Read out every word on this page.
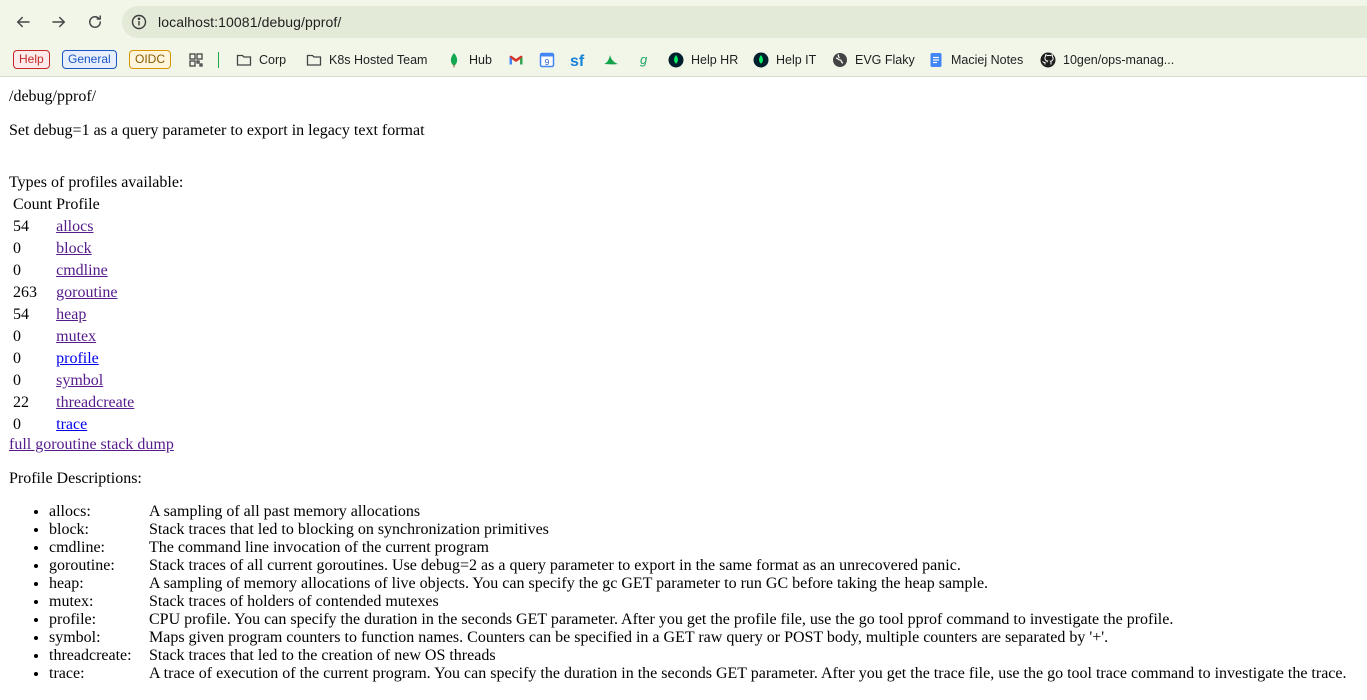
localhost:10081/debug/pprof/
Help	General	OIDC	Corp	K8s Hosted Team	Hub	9 sf	g	Help HR	Help IT	EVG Flaky	Maciej Notes	10gen/ops-manag...
/debug/pprof/
Set debug=1 as a query parameter to export in legacy text format
Types of profiles available:
Count	Profile
54	allocs
0	block
0	cmdline
263	goroutine
54	heap
0	mutex
0	profile
0	symbol
22	threadcreate
0	trace
full goroutine stack dump
Profile Descriptions:
• allocs:	A sampling of all past memory allocations
• block:	Stack traces that led to blocking on synchronization primitives
• cmdline:	The command line invocation of the current program
• goroutine: Stack traces of all current goroutines. Use debug=2 as a query parameter to export in the same format as an unrecovered panic.
• heap:	A sampling of memory allocations of live objects. You can specify the gc GET parameter to run GC before taking the heap sample.
• mutex:	Stack traces of holders of contended mutexes
• profile:	CPU profile. You can specify the duration in the seconds GET parameter. After you get the profile file, use the go tool pprof command to investigate the profile.
• symbol:	Maps given program counters to function names. Counters can be specified in a GET raw query or POST body, multiple counters are separated by '+'.
• threadcreate: Stack traces that led to the creation of new OS threads
• trace:	A trace of execution of the current program. You can specify the duration in the seconds GET parameter. After you get the trace file, use the go tool trace command to investigate the trace.
